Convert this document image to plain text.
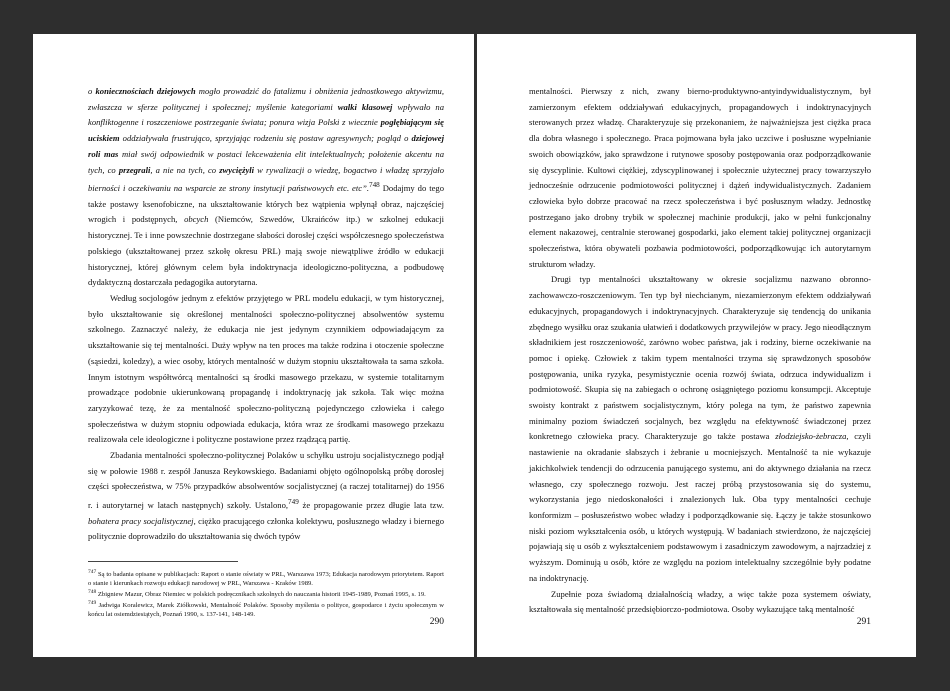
o koniecznościach dziejowych mogło prowadzić do fatalizmu i obniżenia jednostkowego aktywizmu, zwłaszcza w sferze politycznej i społecznej; myślenie kategoriami walki klasowej wpływało na konfliktogenne i roszczeniowe postrzeganie świata; ponura wizja Polski z wiecznie pogłębiającym się uciskiem oddziaływała frustrująco, sprzyjając rodzeniu się postaw agresywnych; pogląd o dziejowej roli mas miał swój odpowiednik w postaci lekceważenia elit intelektualnych; położenie akcentu na tych, co przegrali, a nie na tych, co zwyciężyli w rywalizacji o wiedzę, bogactwo i władzę sprzyjało bierności i oczekiwaniu na wsparcie ze strony instytucji państwowych etc. etc”.$^{748}$ Dodajmy do tego także postawy ksenofobiczne, na ukształtowanie których bez wątpienia wpłynął obraz, najczęściej wrogich i podstępnych, obcych (Niemców, Szwedów, Ukraińców itp.) w szkolnej edukacji historycznej. Te i inne powszechnie dostrzegane słabości dorosłej części współczesnego społeczeństwa polskiego (ukształtowanej przez szkołę okresu PRL) mają swoje niewątpliwe źródło w edukacji historycznej, której głównym celem była indoktrynacja ideologiczno-polityczna, a podbudowę dydaktyczną dostarczała pedagogika autorytarna.

Według socjologów jednym z efektów przyjętego w PRL modelu edukacji, w tym historycznej, było ukształtowanie się określonej mentalności społeczno-politycznej absolwentów systemu szkolnego. Zaznaczyć należy, że edukacja nie jest jedynym czynnikiem odpowiadającym za ukształtowanie się tej mentalności. Duży wpływ na ten proces ma także rodzina i otoczenie społeczne (sąsiedzi, koledzy), a wiec osoby, których mentalność w dużym stopniu ukształtowała ta sama szkoła. Innym istotnym współtwórcą mentalności są środki masowego przekazu, w systemie totalitarnym prowadzące podobnie ukierunkowaną propagandę i indoktrynację jak szkoła. Tak więc można zaryzykować tezę, że za mentalność społeczno-polityczną pojedynczego człowieka i całego społeczeństwa w dużym stopniu odpowiada edukacja, która wraz ze środkami masowego przekazu realizowała cele ideologiczne i polityczne postawione przez rządzącą partię.

Zbadania mentalności społeczno-politycznej Polaków u schyłku ustroju socjalistycznego podjął się w połowie 1988 r. zespół Janusza Reykowskiego. Badaniami objęto ogólnopolską próbę dorosłej części społeczeństwa, w 75% przypadków absolwentów socjalistycznej (a raczej totalitarnej) do 1956 r. i autorytarnej w latach następnych) szkoły. Ustalono,$^{749}$ że propagowanie przez długie lata tzw. bohatera pracy socjalistycznej, ciężko pracującego członka kolektywu, posłusznego władzy i biernego politycznie doprowadziło do ukształtowania się dwóch typów

$^{747}$ Są to badania opisane w publikacjach: Raport o stanie oświaty w PRL, Warszawa 1973; Edukacja narodowym priorytetem. Raport o stanie i kierunkach rozwoju edukacji narodowej w PRL, Warszawa - Kraków 1989.

$^{748}$ Zbigniew Mazur, Obraz Niemiec w polskich podręcznikach szkolnych do nauczania historii 1945-1989, Poznań 1995, s. 19.

$^{749}$ Jadwiga Koralewicz, Marek Ziółkowski, Mentalność Polaków. Sposoby myślenia o polityce, gospodarce i życiu społecznym w końcu lat osiemdziesiątych, Poznań 1990, s. 137-141, 148-149.

290

mentalności. Pierwszy z nich, zwany bierno-produktywno-antyindywidualistycznym, był zamierzonym efektem oddziaływań edukacyjnych, propagandowych i indoktrynacyjnych sterowanych przez władzę. Charakteryzuje się przekonaniem, że najważniejsza jest ciężka praca dla dobra własnego i społecznego. Praca pojmowana była jako uczciwe i posłuszne wypełnianie swoich obowiązków, jako sprawdzone i rutynowe sposoby postępowania oraz podporządkowanie się dyscyplinie. Kultowi ciężkiej, zdyscyplinowanej i społecznie użytecznej pracy towarzyszyło jednocześnie odrzucenie podmiotowości politycznej i dążeń indywidualistycznych. Zadaniem człowieka było dobrze pracować na rzecz społeczeństwa i być posłusznym władzy. Jednostkę postrzegano jako drobny trybik w społecznej machinie produkcji, jako w pełni funkcjonalny element nakazowej, centralnie sterowanej gospodarki, jako element takiej politycznej organizacji społeczeństwa, która obywateli pozbawia podmiotowości, podporządkowując ich autorytarnym strukturom władzy.

Drugi typ mentalności ukształtowany w okresie socjalizmu nazwano obronno-zachowawczo-roszczeniowym. Ten typ był niechcianym, niezamierzonym efektem oddziaływań edukacyjnych, propagandowych i indoktrynacyjnych. Charakteryzuje się tendencją do unikania zbędnego wysiłku oraz szukania ułatwień i dodatkowych przywilejów w pracy. Jego nieodłącznym składnikiem jest roszczeniowość, zarówno wobec państwa, jak i rodziny, bierne oczekiwanie na pomoc i opiekę. Człowiek z takim typem mentalności trzyma się sprawdzonych sposobów postępowania, unika ryzyka, pesymistycznie ocenia rozwój świata, odrzuca indywidualizm i podmiotowość. Skupia się na zabiegach o ochronę osiągniętego poziomu konsumpcji. Akceptuje swoisty kontrakt z państwem socjalistycznym, który polega na tym, że państwo zapewnia minimalny poziom świadczeń socjalnych, bez względu na efektywność świadczonej przez konkretnego człowieka pracy. Charakteryzuje go także postawa złodziejsko-żebracza, czyli nastawienie na okradanie słabszych i żebranie u mocniejszych. Mentalność ta nie wykazuje jakichkolwiek tendencji do odrzucenia panującego systemu, ani do aktywnego działania na rzecz własnego, czy społecznego rozwoju. Jest raczej próbą przystosowania się do systemu, wykorzystania jego niedoskonałości i znalezionych luk. Oba typy mentalności cechuje konformizm – posłuszeństwo wobec władzy i podporządkowanie się. Łączy je także stosunkowo niski poziom wykształcenia osób, u których występują. W badaniach stwierdzono, że najczęściej pojawiają się u osób z wykształceniem podstawowym i zasadniczym zawodowym, a najrzadziej z wyższym. Dominują u osób, które ze względu na poziom intelektualny szczególnie były podatne na indoktrynację.

Zupełnie poza świadomą działalnością władzy, a więc także poza systemem oświaty, kształtowała się mentalność przedsiębiorczo-podmiotowa. Osoby wykazujące taką mentalność

291
